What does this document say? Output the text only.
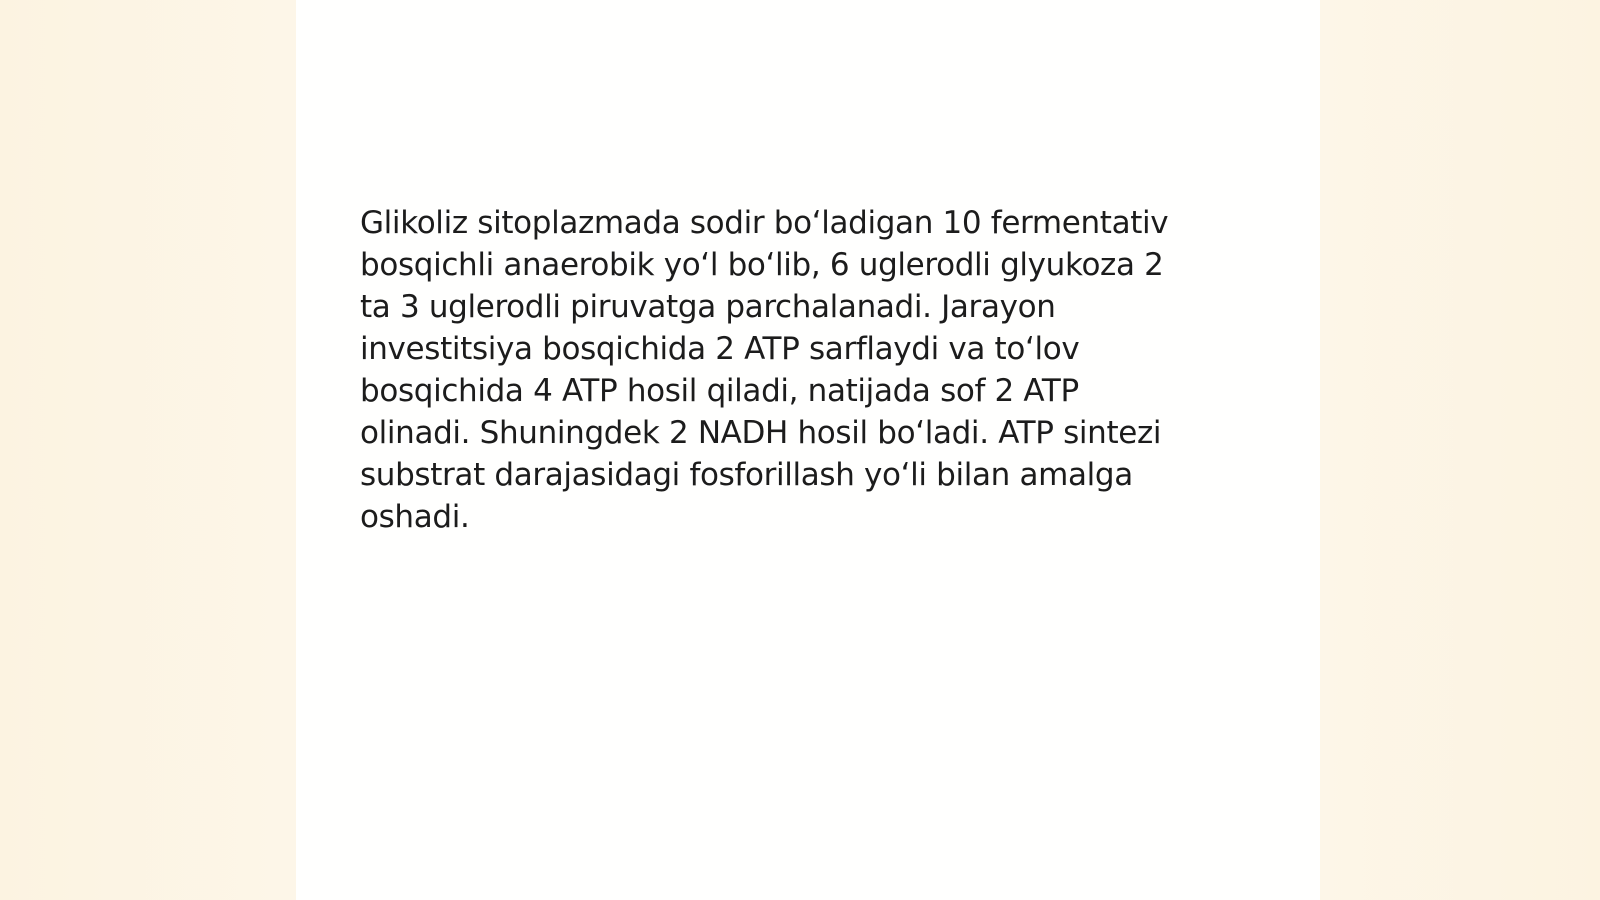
Glikoliz sitoplazmada sodir bo‘ladigan 10 fermentativ
bosqichli anaerobik yo‘l bo‘lib, 6 uglerodli glyukoza 2
ta 3 uglerodli piruvatga parchalanadi. Jarayon
investitsiya bosqichida 2 ATP sarflaydi va to‘lov
bosqichida 4 ATP hosil qiladi, natijada sof 2 ATP
olinadi. Shuningdek 2 NADH hosil bo‘ladi. ATP sintezi
substrat darajasidagi fosforillash yo‘li bilan amalga
oshadi.
